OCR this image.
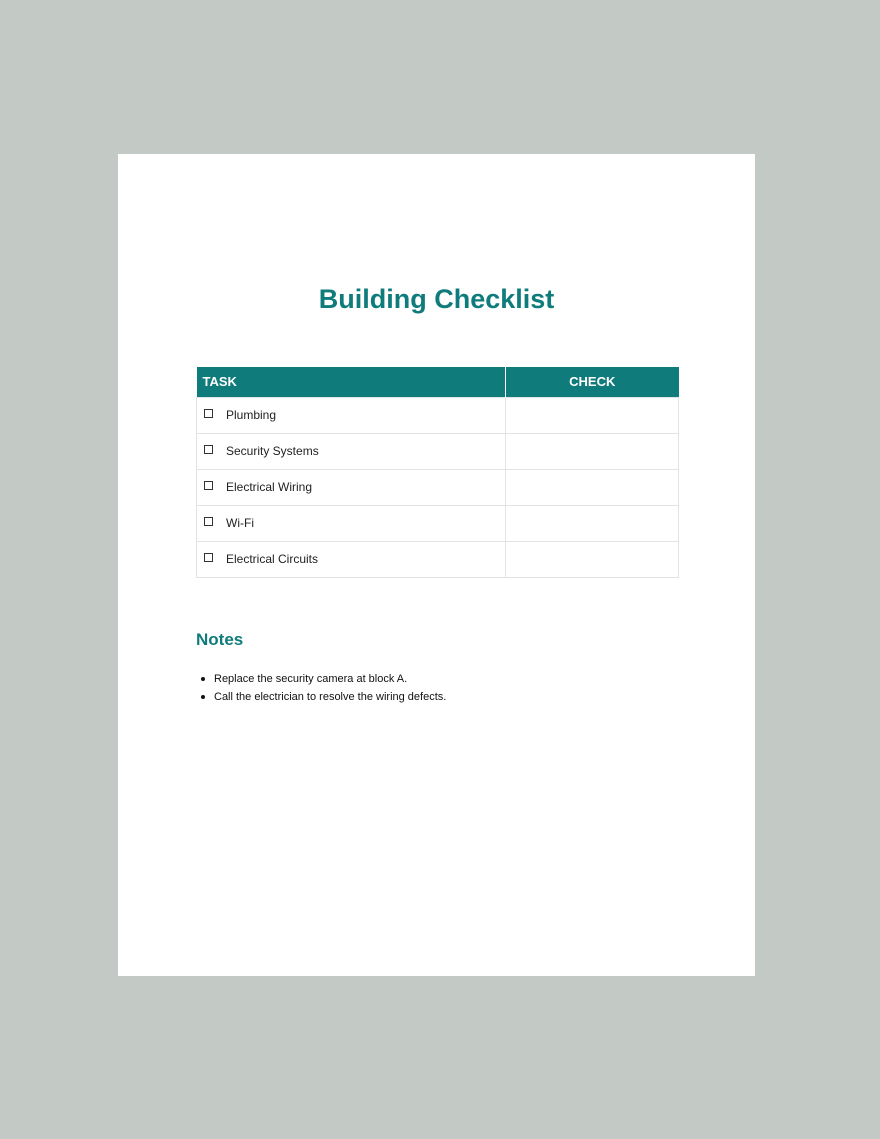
Building Checklist
TASK	CHECK

Plumbing	

Security Systems	

Electrical Wiring	

Wi-Fi	

Electrical Circuits	

Notes
Replace the security camera at block A.
Call the electrician to resolve the wiring defects.
